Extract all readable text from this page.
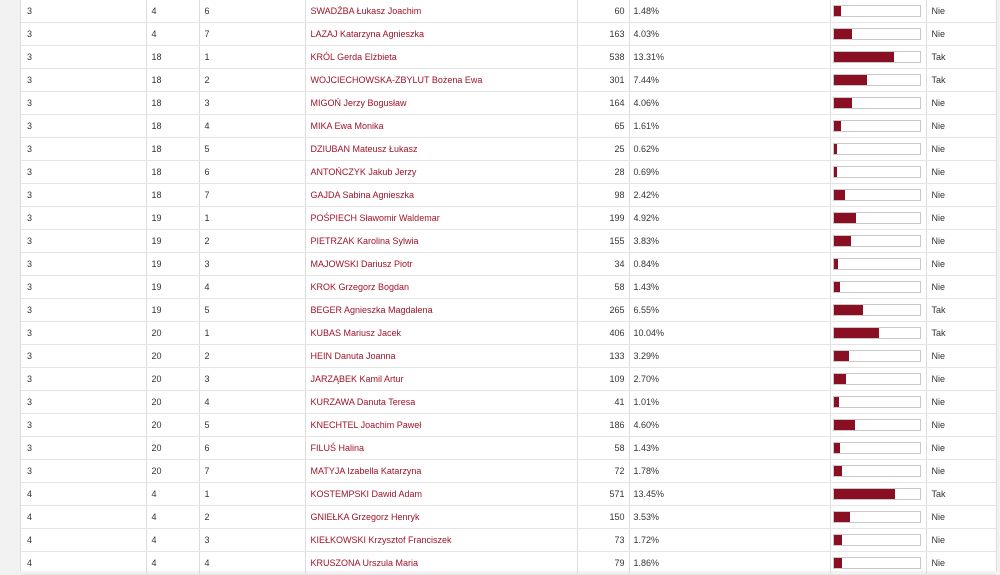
3	4	6	SWADŹBA Łukasz Joachim	60	1.48%		Nie
3	4	7	LAZAJ Katarzyna Agnieszka	163	4.03%		Nie
3	18	1	KRÓL Gerda Elżbieta	538	13.31%		Tak
3	18	2	WOJCIECHOWSKA-ZBYLUT Bożena Ewa	301	7.44%		Tak
3	18	3	MIGOŃ Jerzy Bogusław	164	4.06%		Nie
3	18	4	MIKA Ewa Monika	65	1.61%		Nie
3	18	5	DZIUBAN Mateusz Łukasz	25	0.62%		Nie
3	18	6	ANTOŃCZYK Jakub Jerzy	28	0.69%		Nie
3	18	7	GAJDA Sabina Agnieszka	98	2.42%		Nie
3	19	1	POŚPIECH Sławomir Waldemar	199	4.92%		Nie
3	19	2	PIETRZAK Karolina Sylwia	155	3.83%		Nie
3	19	3	MAJOWSKI Dariusz Piotr	34	0.84%		Nie
3	19	4	KROK Grzegorz Bogdan	58	1.43%		Nie
3	19	5	BEGER Agnieszka Magdalena	265	6.55%		Tak
3	20	1	KUBAS Mariusz Jacek	406	10.04%		Tak
3	20	2	HEIN Danuta Joanna	133	3.29%		Nie
3	20	3	JARZĄBEK Kamil Artur	109	2.70%		Nie
3	20	4	KURZAWA Danuta Teresa	41	1.01%		Nie
3	20	5	KNECHTEL Joachim Paweł	186	4.60%		Nie
3	20	6	FILUŚ Halina	58	1.43%		Nie
3	20	7	MATYJA Izabella Katarzyna	72	1.78%		Nie
4	4	1	KOSTEMPSKI Dawid Adam	571	13.45%		Tak
4	4	2	GNIEŁKA Grzegorz Henryk	150	3.53%		Nie
4	4	3	KIEŁKOWSKI Krzysztof Franciszek	73	1.72%		Nie
4	4	4	KRUSZONA Urszula Maria	79	1.86%		Nie
